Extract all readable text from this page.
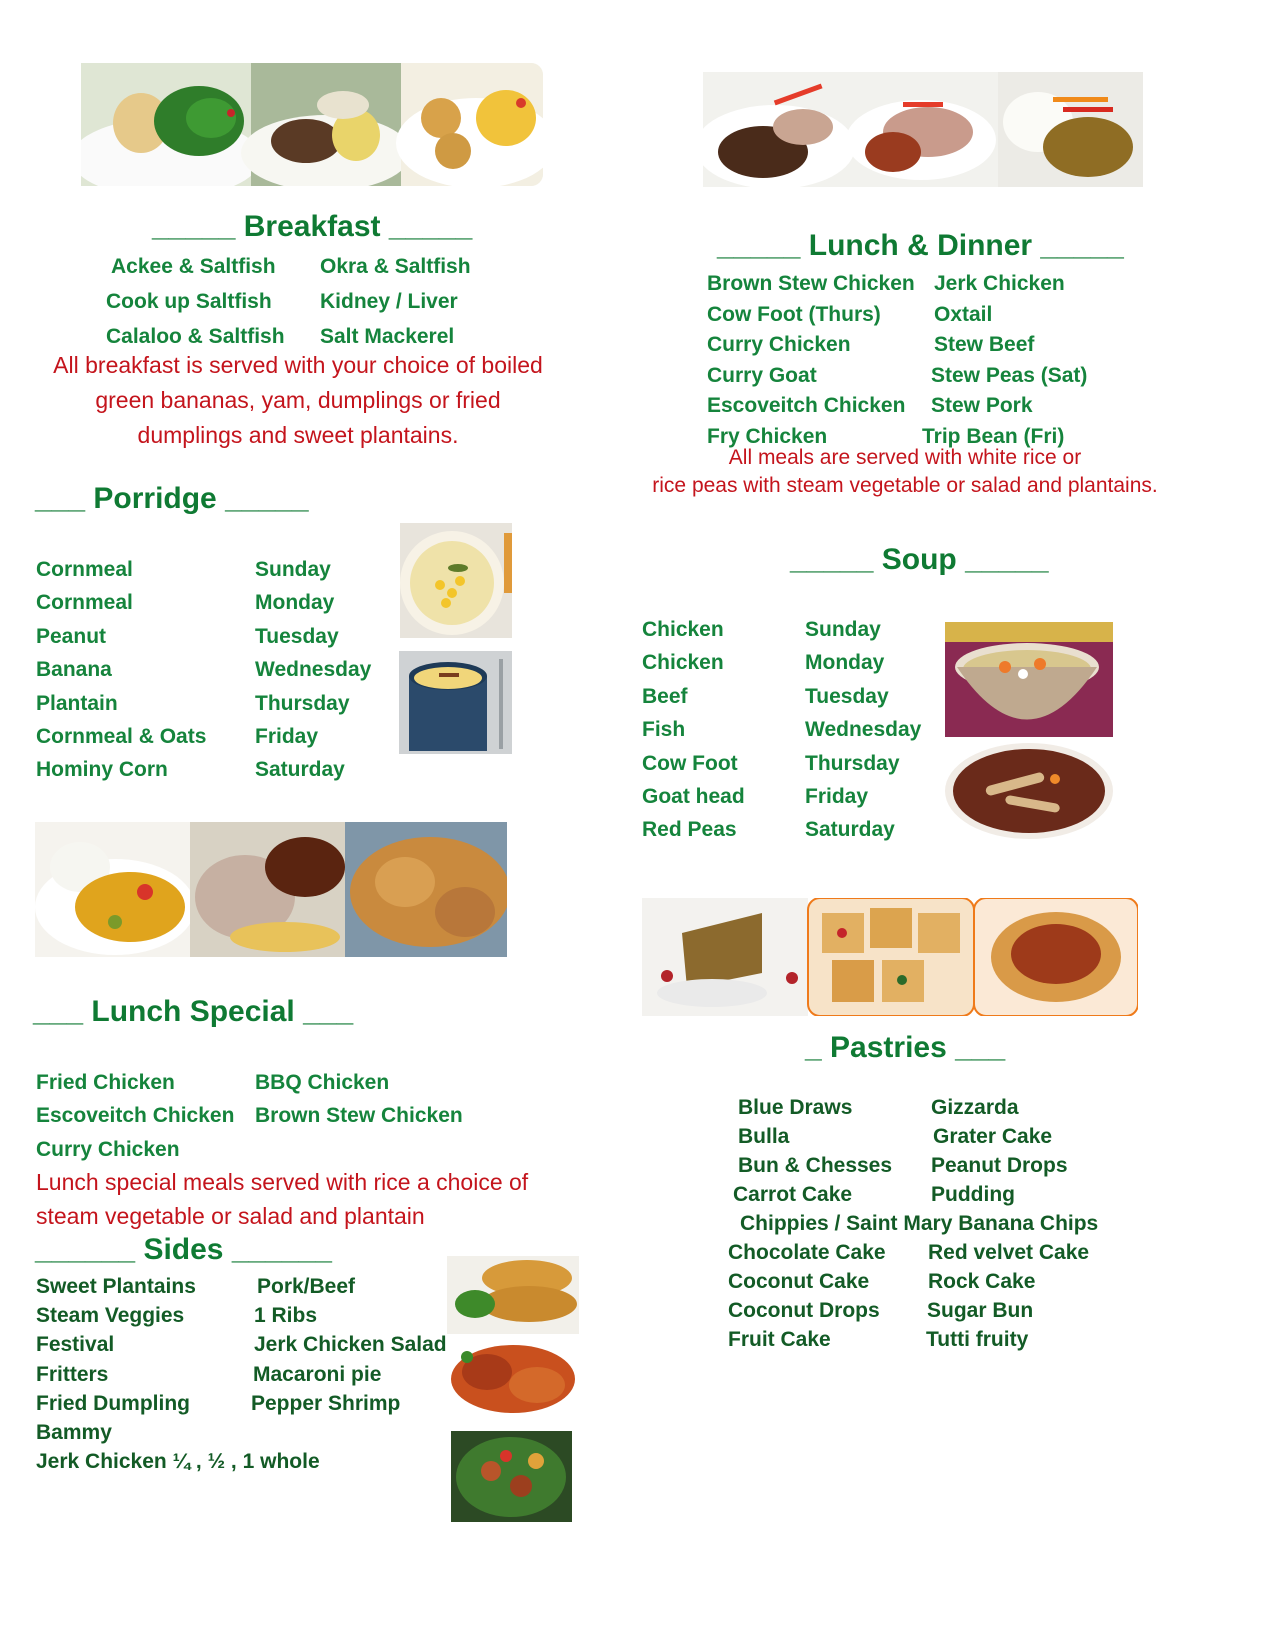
_____ Breakfast _____
Ackee & Saltfish
Cook up Saltfish
Calaloo & Saltfish
Okra & Saltfish
Kidney / Liver
Salt Mackerel
All breakfast is served with your choice of boiled
green bananas, yam, dumplings or fried
dumplings and sweet plantains.
_____ Lunch & Dinner _____
Brown Stew Chicken
Cow Foot (Thurs)
Curry Chicken
Curry Goat
Escoveitch Chicken
Fry Chicken
Jerk Chicken
Oxtail
Stew Beef
Stew Peas (Sat)
Stew Pork
Trip Bean (Fri)
All meals are served with white rice or
rice peas with steam vegetable or salad and plantains.
___ Porridge _____
Cornmeal
Cornmeal
Peanut
Banana
Plantain
Cornmeal & Oats
Hominy Corn
Sunday
Monday
Tuesday
Wednesday
Thursday
Friday
Saturday
_____ Soup _____
Chicken
Chicken
Beef
Fish
Cow Foot
Goat head
Red Peas
Sunday
Monday
Tuesday
Wednesday
Thursday
Friday
Saturday
___ Lunch Special ___
Fried Chicken
Escoveitch Chicken
Curry Chicken
BBQ Chicken
Brown Stew Chicken
Lunch special meals served with rice a choice of
steam vegetable or salad and plantain
______ Sides ______
Sweet Plantains
Steam Veggies
Festival
Fritters
Fried Dumpling
Bammy
Jerk Chicken ¼ , ½ , 1 whole
Pork/Beef
1 Ribs
Jerk Chicken Salad
Macaroni pie
Pepper Shrimp
_ Pastries ___
Blue Draws
Bulla
Bun & Chesses
Carrot Cake
Gizzarda
Grater Cake
Peanut Drops
Pudding
Chippies / Saint Mary Banana Chips
Chocolate Cake
Coconut Cake
Coconut Drops
Fruit Cake
Red velvet Cake
Rock Cake
Sugar Bun
Tutti fruity
